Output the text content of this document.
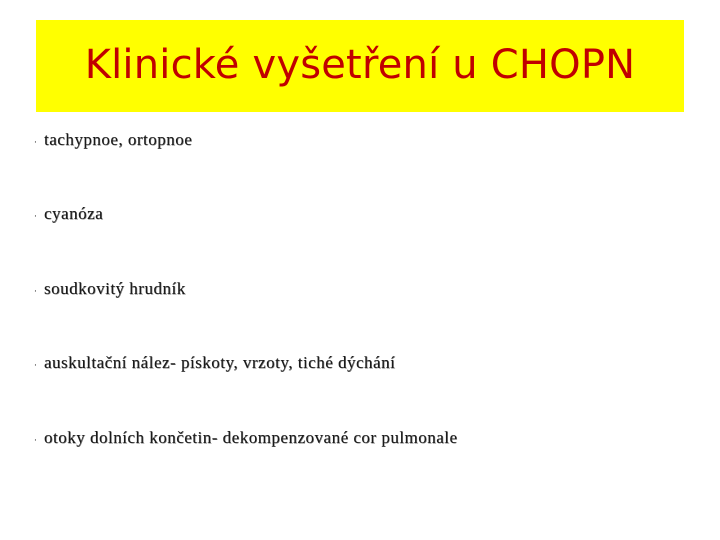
Klinické vyšetření u CHOPN
· tachypnoe, ortopnoe
· cyanóza
· soudkovitý hrudník
· auskultační nález- pískoty, vrzoty, tiché dýchání
· otoky dolních končetin- dekompenzované cor pulmonale
